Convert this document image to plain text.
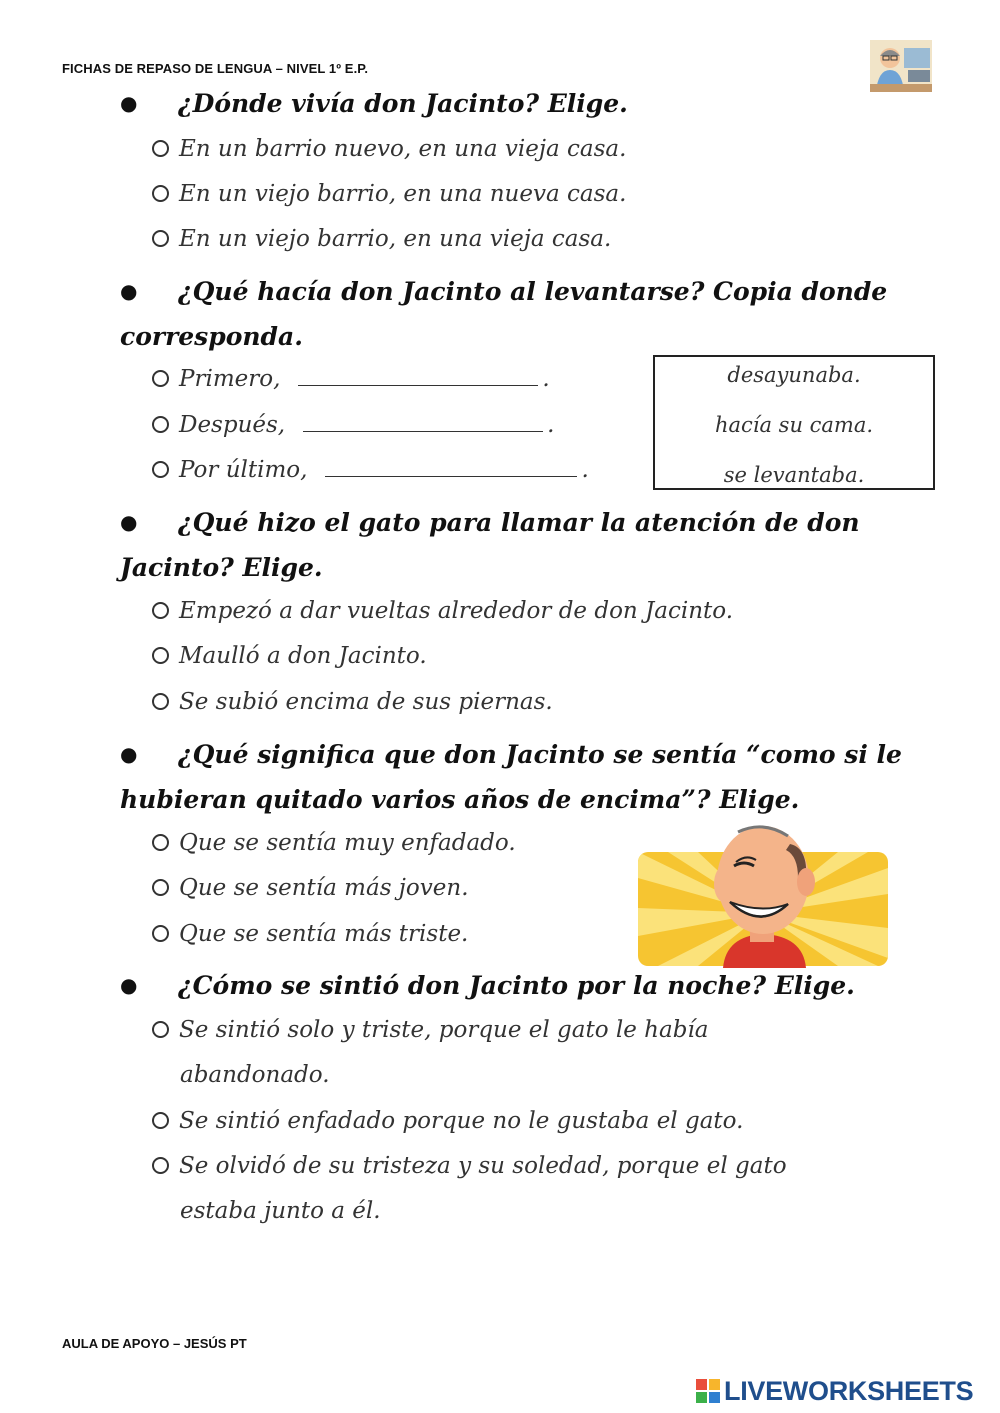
FICHAS DE REPASO DE LENGUA – NIVEL 1º E.P.
● ¿Dónde vivía don Jacinto? Elige.
En un barrio nuevo, en una vieja casa.
En un viejo barrio, en una nueva casa.
En un viejo barrio, en una vieja casa.
● ¿Qué hacía don Jacinto al levantarse? Copia donde
corresponda.
Primero,	.
Después,	.
Por último,	.
desayunaba.
hacía su cama.
se levantaba.
● ¿Qué hizo el gato para llamar la atención de don
Jacinto? Elige.
Empezó a dar vueltas alrededor de don Jacinto.
Maulló a don Jacinto.
Se subió encima de sus piernas.
● ¿Qué significa que don Jacinto se sentía “como si le
hubieran quitado varios años de encima”? Elige.
Que se sentía muy enfadado.
Que se sentía más joven.
Que se sentía más triste.
● ¿Cómo se sintió don Jacinto por la noche? Elige.
Se sintió solo y triste, porque el gato le había
abandonado.
Se sintió enfadado porque no le gustaba el gato.
Se olvidó de su tristeza y su soledad, porque el gato
estaba junto a él.
AULA DE APOYO – JESÚS PT
LIVEWORKSHEETS
